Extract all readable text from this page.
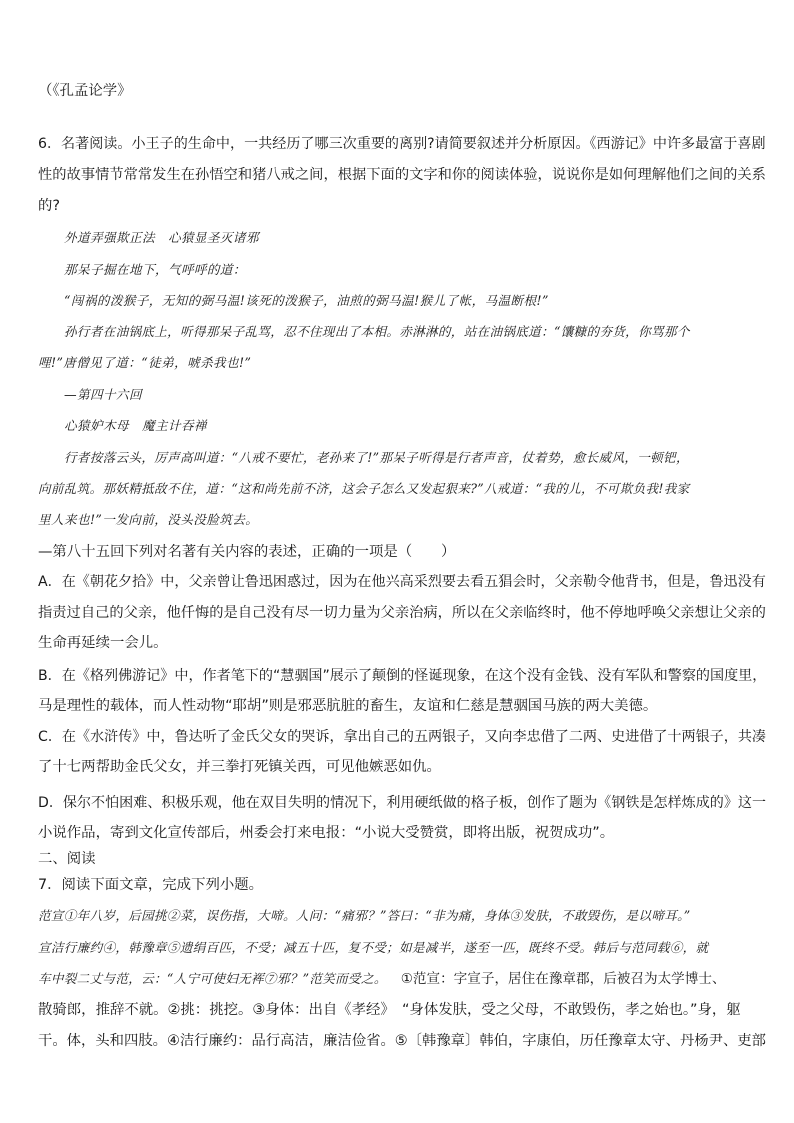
（《孔孟论学》
6．名著阅读。小王子的生命中，一共经历了哪三次重要的离别?请简要叙述并分析原因。《西游记》中许多最富于喜剧
性的故事情节常常发生在孙悟空和猪八戒之间，根据下面的文字和你的阅读体验，说说你是如何理解他们之间的关系
的?
外道弄强欺正法　心猿显圣灭诸邪
那呆子掘在地下，气呼呼的道：
“闯祸的泼猴子，无知的弼马温!该死的泼猴子，油煎的弼马温!猴儿了帐，马温断根!”
孙行者在油锅底上，听得那呆子乱骂，忍不住现出了本相。赤淋淋的，站在油锅底道：“馕糠的夯货，你骂那个
哩!”唐僧见了道：“徒弟，唬杀我也!”
—第四十六回
心猿妒木母　魔主计吞禅
行者按落云头，厉声高叫道：“八戒不要忙，老孙来了!”那呆子听得是行者声音，仗着势，愈长威风，一顿钯，
向前乱筑。那妖精抵敌不住，道：“这和尚先前不济，这会子怎么又发起狠来?”八戒道：“我的儿，不可欺负我!我家
里人来也!”一发向前，没头没脸筑去。
—第八十五回下列对名著有关内容的表述，正确的一项是（　　）
A．在《朝花夕拾》中，父亲曾让鲁迅困惑过，因为在他兴高采烈要去看五猖会时，父亲勒令他背书，但是，鲁迅没有
指责过自己的父亲，他仟悔的是自己没有尽一切力量为父亲治病，所以在父亲临终时，他不停地呼唤父亲想让父亲的
生命再延续一会儿。
B．在《格列佛游记》中，作者笔下的“慧骃国”展示了颠倒的怪诞现象，在这个没有金钱、没有军队和警察的国度里，
马是理性的载体，而人性动物“耶胡”则是邪恶肮脏的畜生，友谊和仁慈是慧骃国马族的两大美德。
C．在《水浒传》中，鲁达听了金氏父女的哭诉，拿出自己的五两银子，又向李忠借了二两、史进借了十两银子，共凑
了十七两帮助金氏父女，并三拳打死镇关西，可见他嫉恶如仇。
D．保尔不怕困难、积极乐观，他在双目失明的情况下，利用硬纸做的格子板，创作了题为《钢铁是怎样炼成的》这一
小说作品，寄到文化宣传部后，州委会打来电报：“小说大受赞赏，即将出版，祝贺成功”。
二、阅读
7．阅读下面文章，完成下列小题。
范宣①年八岁，后园挑②菜，误伤指，大啼。人问：“痛邪？”答曰：“非为痛，身体③发肤，不敢毁伤，是以啼耳。”
宣洁行廉约④，韩豫章⑤遗绢百匹，不受；减五十匹，复不受；如是减半，遂至一匹，既终不受。韩后与范同载⑥，就
车中裂二丈与范，云：“人宁可使妇无裈⑦邪？”范笑而受之。 ①范宣：字宣子，居住在豫章郡，后被召为太学博士、
散骑郎，推辞不就。②挑：挑挖。③身体：出自《孝经》　“身体发肤，受之父母，不敢毁伤，孝之始也。”身，躯
干。体，头和四肢。④洁行廉约：品行高洁，廉洁俭省。⑤〔韩豫章〕韩伯，字康伯，历任豫章太守、丹杨尹、吏部
